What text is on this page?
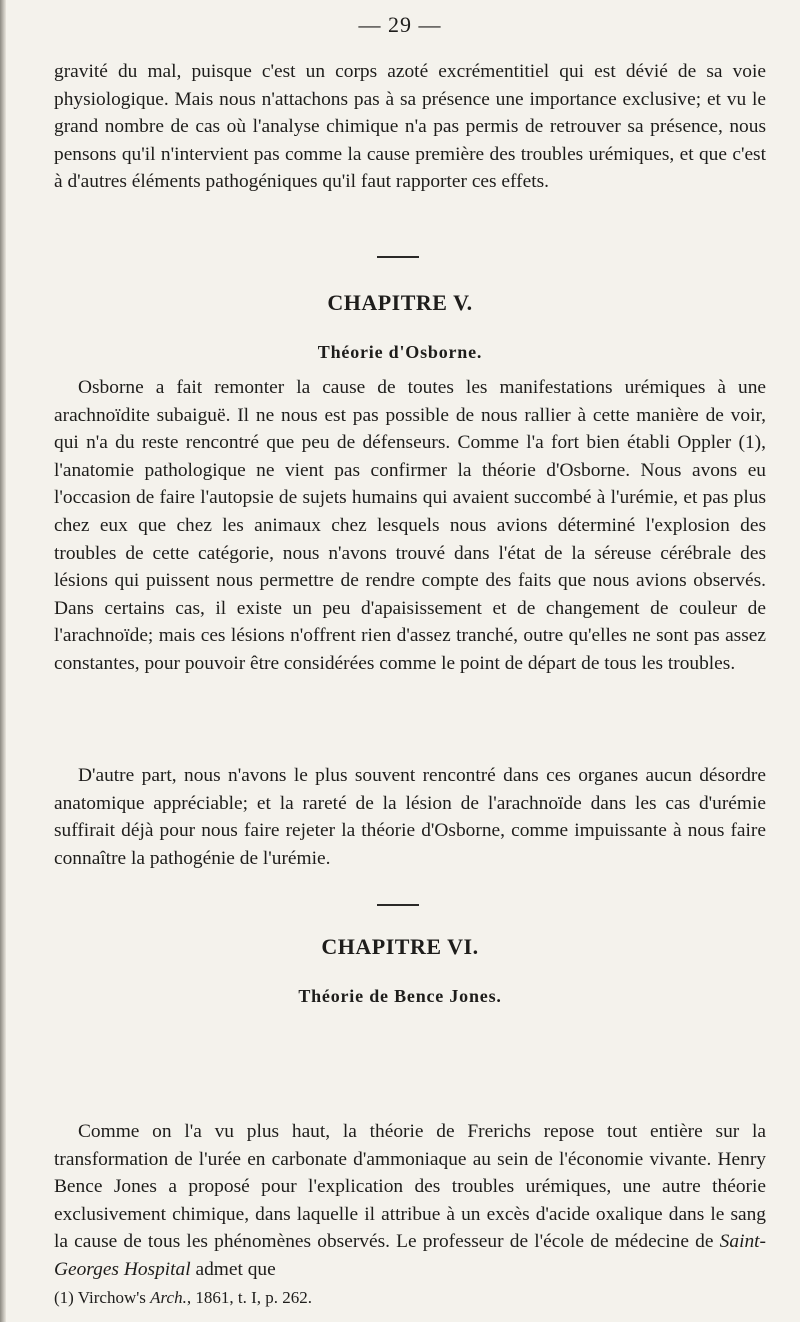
— 29 —

gravité du mal, puisque c'est un corps azoté excrémentitiel qui est dévié de sa voie physiologique. Mais nous n'attachons pas à sa présence une importance exclusive; et vu le grand nombre de cas où l'analyse chimique n'a pas permis de retrouver sa présence, nous pensons qu'il n'intervient pas comme la cause première des troubles urémiques, et que c'est à d'autres éléments pathogéniques qu'il faut rapporter ces effets.

CHAPITRE V.
Théorie d'Osborne.

Osborne a fait remonter la cause de toutes les manifestations urémiques à une arachnoïdite subaiguë. Il ne nous est pas possible de nous rallier à cette manière de voir, qui n'a du reste rencontré que peu de défenseurs. Comme l'a fort bien établi Oppler (1), l'anatomie pathologique ne vient pas confirmer la théorie d'Osborne. Nous avons eu l'occasion de faire l'autopsie de sujets humains qui avaient succombé à l'urémie, et pas plus chez eux que chez les animaux chez lesquels nous avions déterminé l'explosion des troubles de cette catégorie, nous n'avons trouvé dans l'état de la séreuse cérébrale des lésions qui puissent nous permettre de rendre compte des faits que nous avions observés. Dans certains cas, il existe un peu d'apaisissement et de changement de couleur de l'arachnoïde; mais ces lésions n'offrent rien d'assez tranché, outre qu'elles ne sont pas assez constantes, pour pouvoir être considérées comme le point de départ de tous les troubles.

D'autre part, nous n'avons le plus souvent rencontré dans ces organes aucun désordre anatomique appréciable; et la rareté de la lésion de l'arachnoïde dans les cas d'urémie suffirait déjà pour nous faire rejeter la théorie d'Osborne, comme impuissante à nous faire connaître la pathogénie de l'urémie.

CHAPITRE VI.
Théorie de Bence Jones.

Comme on l'a vu plus haut, la théorie de Frerichs repose tout entière sur la transformation de l'urée en carbonate d'ammoniaque au sein de l'économie vivante. Henry Bence Jones a proposé pour l'explication des troubles urémiques, une autre théorie exclusivement chimique, dans laquelle il attribue à un excès d'acide oxalique dans le sang la cause de tous les phénomènes observés. Le professeur de l'école de médecine de Saint-Georges Hospital admet que

(1) Virchow's Arch., 1861, t. I, p. 262.
